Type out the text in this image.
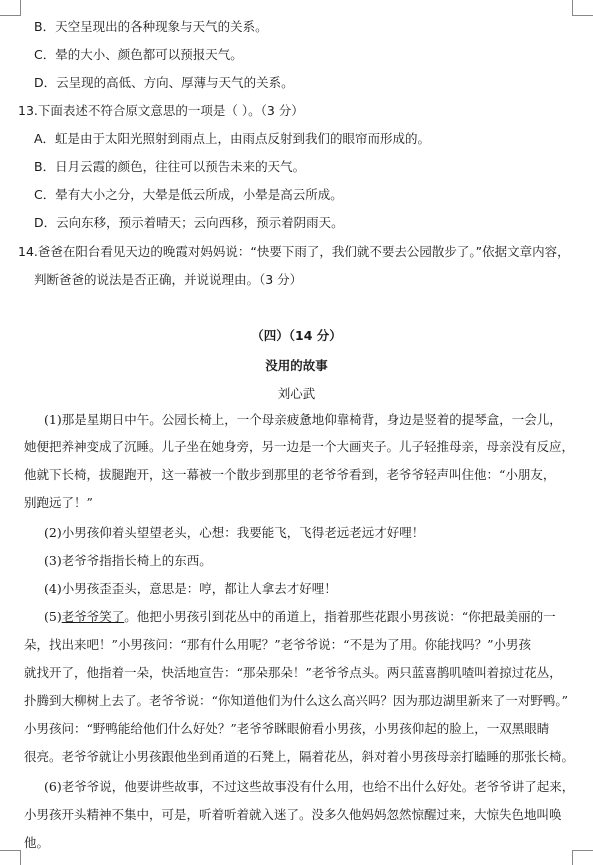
B．天空呈现出的各种现象与天气的关系。
C．晕的大小、颜色都可以预报天气。
D．云呈现的高低、方向、厚薄与天气的关系。
13.下面表述不符合原文意思的一项是（ ）。（3 分）
A．虹是由于太阳光照射到雨点上，由雨点反射到我们的眼帘而形成的。
B．日月云霞的颜色，往往可以预告未来的天气。
C．晕有大小之分，大晕是低云所成，小晕是高云所成。
D．云向东移，预示着晴天；云向西移，预示着阴雨天。
14.爸爸在阳台看见天边的晚霞对妈妈说：“快要下雨了，我们就不要去公园散步了。”依据文章内容，
判断爸爸的说法是否正确，并说说理由。（3 分）
（四）（14 分）
没用的故事
刘心武
(1)那是星期日中午。公园长椅上，一个母亲疲惫地仰靠椅背，身边是竖着的提琴盒，一会儿，
她便把养神变成了沉睡。儿子坐在她身旁，另一边是一个大画夹子。儿子轻推母亲，母亲没有反应，
他就下长椅，拔腿跑开，这一幕被一个散步到那里的老爷爷看到，老爷爷轻声叫住他：“小朋友，
别跑远了！”
(2)小男孩仰着头望望老头，心想：我要能飞，飞得老远老远才好哩！
(3)老爷爷指指长椅上的东西。
(4)小男孩歪歪头，意思是：哼，都让人拿去才好哩！
(5)老爷爷笑了。他把小男孩引到花丛中的甬道上，指着那些花跟小男孩说：“你把最美丽的一
朵，找出来吧！”小男孩问：“那有什么用呢？”老爷爷说：“不是为了用。你能找吗？”小男孩
就找开了，他指着一朵，快活地宣告：“那朵那朵！”老爷爷点头。两只蓝喜鹊叽喳叫着掠过花丛，
扑腾到大柳树上去了。老爷爷说：“你知道他们为什么这么高兴吗？因为那边湖里新来了一对野鸭。”
小男孩问：“野鸭能给他们什么好处？”老爷爷眯眼俯看小男孩，小男孩仰起的脸上，一双黑眼睛
很亮。老爷爷就让小男孩跟他坐到甬道的石凳上，隔着花丛，斜对着小男孩母亲打瞌睡的那张长椅。
(6)老爷爷说，他要讲些故事，不过这些故事没有什么用，也给不出什么好处。老爷爷讲了起来，
小男孩开头精神不集中，可是，听着听着就入迷了。没多久他妈妈忽然惊醒过来，大惊失色地叫唤
他。
